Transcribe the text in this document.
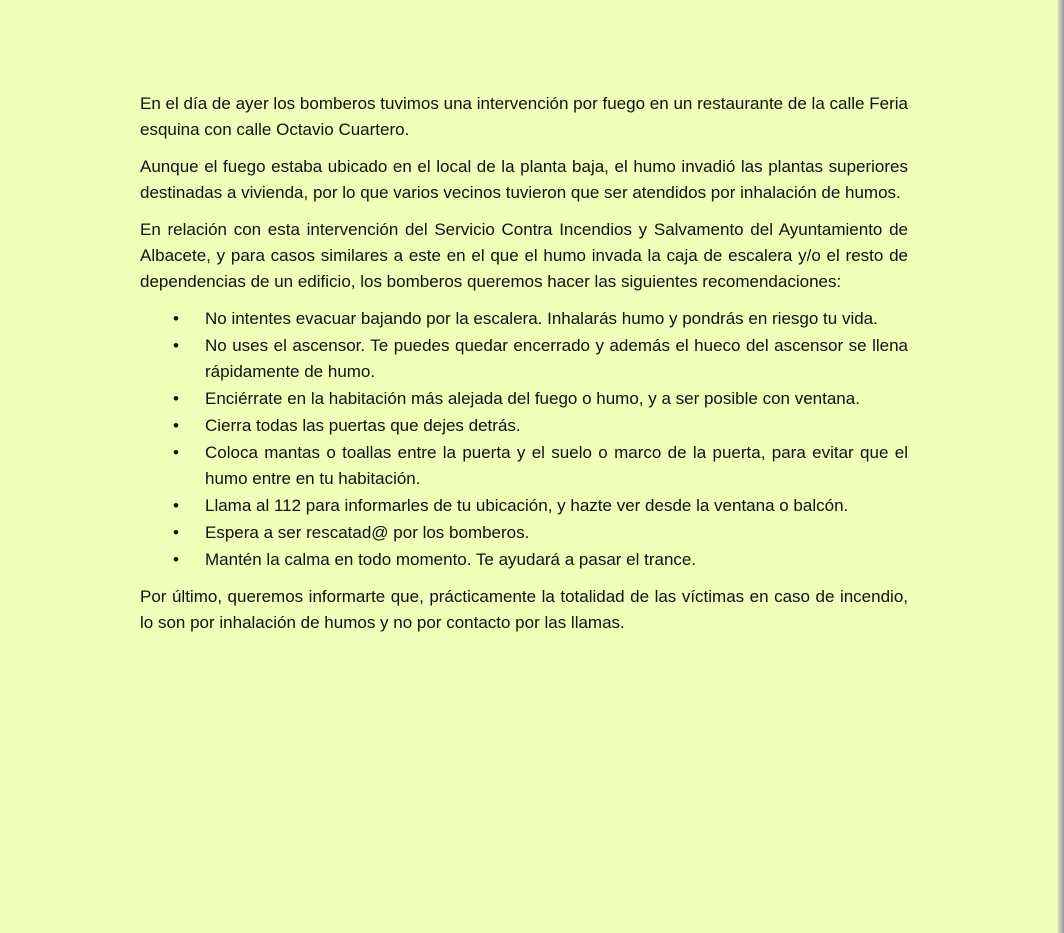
En el día de ayer los bomberos tuvimos una intervención por fuego en un restaurante de la calle Feria esquina con calle Octavio Cuartero.

Aunque el fuego estaba ubicado en el local de la planta baja, el humo invadió las plantas superiores destinadas a vivienda, por lo que varios vecinos tuvieron que ser atendidos por inhalación de humos.

En relación con esta intervención del Servicio Contra Incendios y Salvamento del Ayuntamiento de Albacete, y para casos similares a este en el que el humo invada la caja de escalera y/o el resto de dependencias de un edificio, los bomberos queremos hacer las siguientes recomendaciones:

• No intentes evacuar bajando por la escalera. Inhalarás humo y pondrás en riesgo tu vida.
• No uses el ascensor. Te puedes quedar encerrado y además el hueco del ascensor se llena rápidamente de humo.
• Enciérrate en la habitación más alejada del fuego o humo, y a ser posible con ventana.
• Cierra todas las puertas que dejes detrás.
• Coloca mantas o toallas entre la puerta y el suelo o marco de la puerta, para evitar que el humo entre en tu habitación.
• Llama al 112 para informarles de tu ubicación, y hazte ver desde la ventana o balcón.
• Espera a ser rescatad@ por los bomberos.
• Mantén la calma en todo momento. Te ayudará a pasar el trance.

Por último, queremos informarte que, prácticamente la totalidad de las víctimas en caso de incendio, lo son por inhalación de humos y no por contacto por las llamas.
